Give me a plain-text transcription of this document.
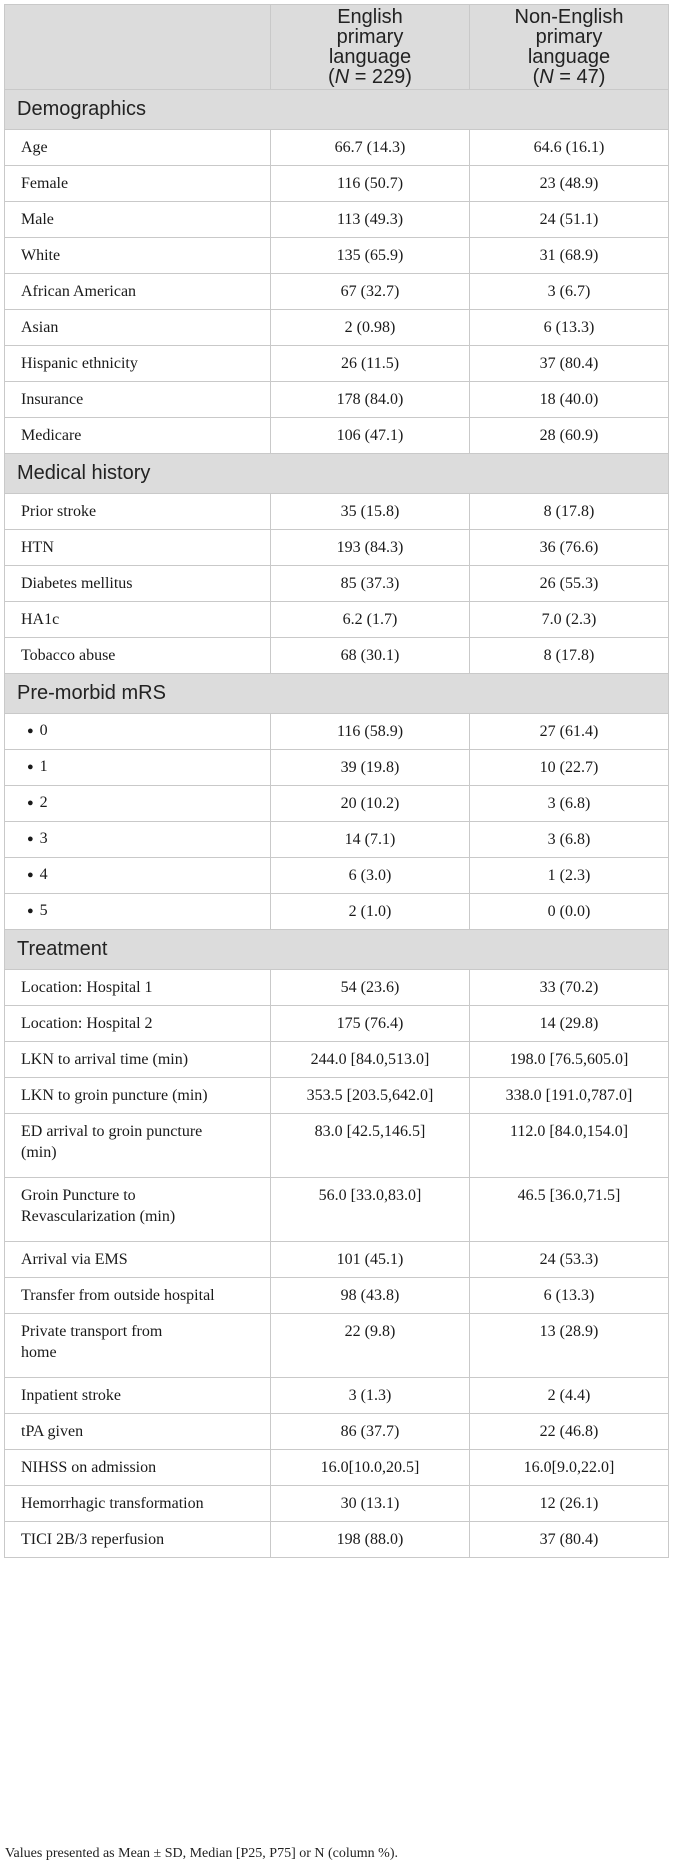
	English
primary
language
(N = 229)	Non-English
primary
language
(N = 47)
Demographics		
Age	66.7 (14.3)	64.6 (16.1)
Female	116 (50.7)	23 (48.9)
Male	113 (49.3)	24 (51.1)
White	135 (65.9)	31 (68.9)
African American	67 (32.7)	3 (6.7)
Asian	2 (0.98)	6 (13.3)
Hispanic ethnicity	26 (11.5)	37 (80.4)
Insurance	178 (84.0)	18 (40.0)
Medicare	106 (47.1)	28 (60.9)
Medical history		
Prior stroke	35 (15.8)	8 (17.8)
HTN	193 (84.3)	36 (76.6)
Diabetes mellitus	85 (37.3)	26 (55.3)
HA1c	6.2 (1.7)	7.0 (2.3)
Tobacco abuse	68 (30.1)	8 (17.8)
Pre-morbid mRS		
● 0	116 (58.9)	27 (61.4)
● 1	39 (19.8)	10 (22.7)
● 2	20 (10.2)	3 (6.8)
● 3	14 (7.1)	3 (6.8)
● 4	6 (3.0)	1 (2.3)
● 5	2 (1.0)	0 (0.0)
Treatment		
Location: Hospital 1	54 (23.6)	33 (70.2)
Location: Hospital 2	175 (76.4)	14 (29.8)
LKN to arrival time (min)	244.0 [84.0,513.0]	198.0 [76.5,605.0]
LKN to groin puncture (min)	353.5 [203.5,642.0]	338.0 [191.0,787.0]
ED arrival to groin puncture
(min)	83.0 [42.5,146.5]	112.0 [84.0,154.0]
Groin Puncture to
Revascularization (min)	56.0 [33.0,83.0]	46.5 [36.0,71.5]
Arrival via EMS	101 (45.1)	24 (53.3)
Transfer from outside hospital	98 (43.8)	6 (13.3)
Private transport from
home	22 (9.8)	13 (28.9)
Inpatient stroke	3 (1.3)	2 (4.4)
tPA given	86 (37.7)	22 (46.8)
NIHSS on admission	16.0[10.0,20.5]	16.0[9.0,22.0]
Hemorrhagic transformation	30 (13.1)	12 (26.1)
TICI 2B/3 reperfusion	198 (88.0)	37 (80.4)
Values presented as Mean ± SD, Median [P25, P75] or N (column %).
